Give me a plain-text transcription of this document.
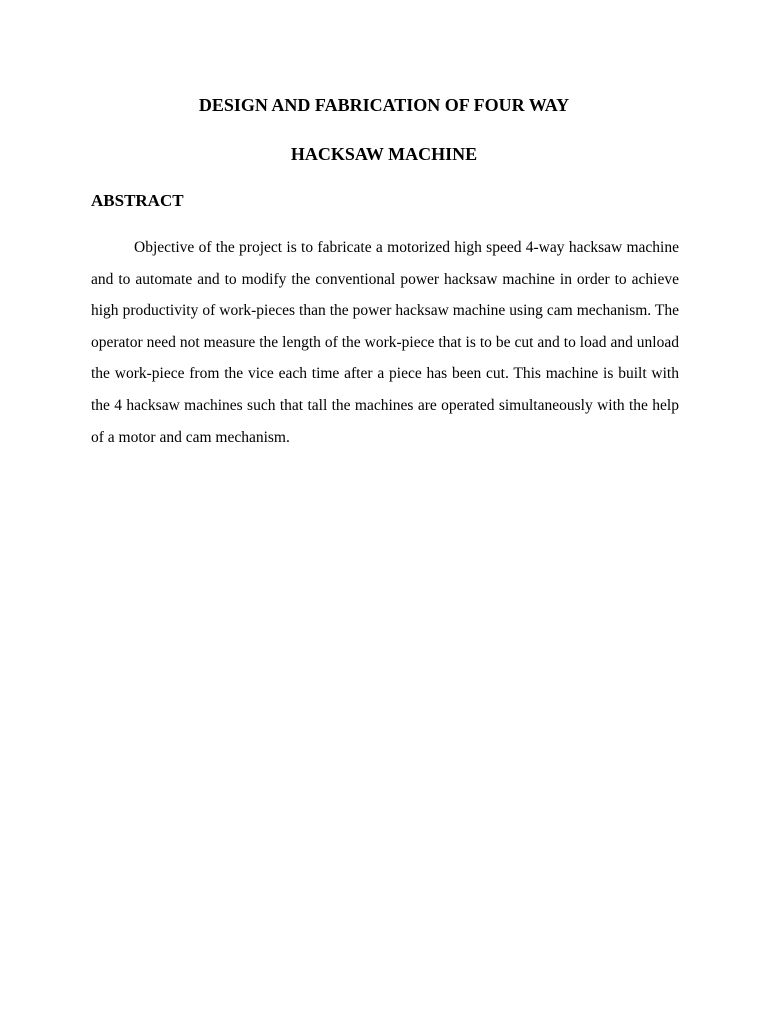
DESIGN AND FABRICATION OF FOUR WAY
HACKSAW MACHINE
ABSTRACT

Objective of the project is to fabricate a motorized high speed 4-way hacksaw machine and to automate and to modify the conventional power hacksaw machine in order to achieve high productivity of work-pieces than the power hacksaw machine using cam mechanism. The operator need not measure the length of the work-piece that is to be cut and to load and unload the work-piece from the vice each time after a piece has been cut. This machine is built with the 4 hacksaw machines such that tall the machines are operated simultaneously with the help of a motor and cam mechanism.
